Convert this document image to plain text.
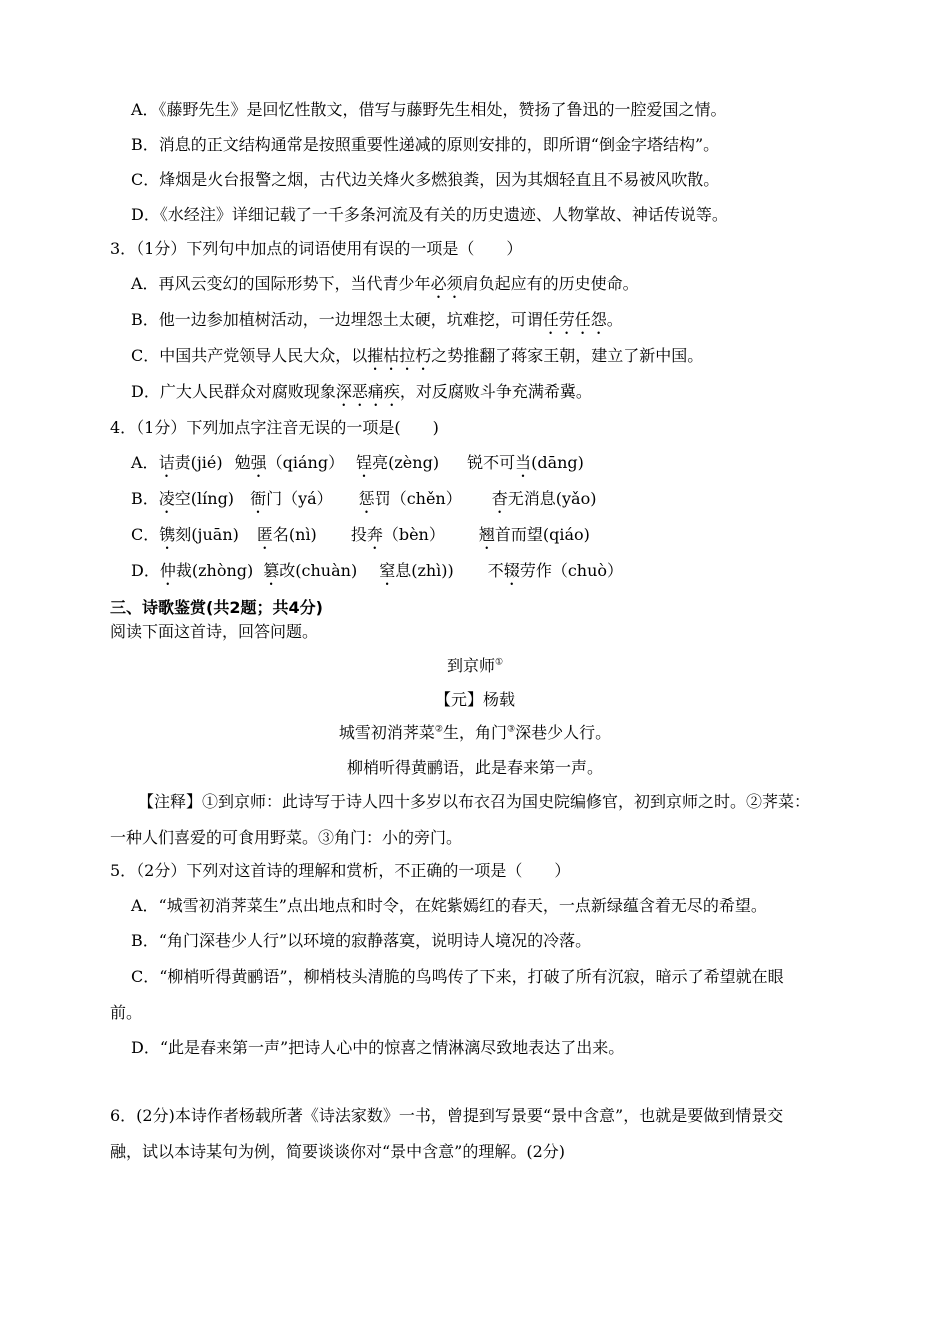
A．《藤野先生》是回忆性散文，借写与藤野先生相处，赞扬了鲁迅的一腔爱国之情。
B．消息的正文结构通常是按照重要性递减的原则安排的，即所谓“倒金字塔结构”。
C．烽烟是火台报警之烟，古代边关烽火多燃狼粪，因为其烟轻直且不易被风吹散。
D．《水经注》详细记载了一千多条河流及有关的历史遗迹、人物掌故、神话传说等。
3．（1分）下列句中加点的词语使用有误的一项是（　　）
A．再风云变幻的国际形势下，当代青少年必须肩负起应有的历史使命。
B．他一边参加植树活动，一边埋怨土太硬，坑难挖，可谓任劳任怨。
C．中国共产党领导人民大众，以摧枯拉朽之势推翻了蒋家王朝，建立了新中国。
D．广大人民群众对腐败现象深恶痛疾，对反腐败斗争充满希冀。
4．（1分）下列加点字注音无误的一项是(　　)
A．诘责(jié) 勉强（qiáng） 锃亮(zèng) 锐不可当(dāng)
B．凌空(líng) 衙门（yá） 惩罚（chěn） 杳无消息(yǎo)
C．镌刻(juān) 匿名(nì) 投奔（bèn） 翘首而望(qiáo)
D．仲裁(zhòng) 篡改(chuàn) 窒息(zhì)) 不辍劳作（chuò）
三、诗歌鉴赏(共2题；共4分)
阅读下面这首诗，回答问题。
到京师①
【元】杨载
城雪初消荠菜②生，角门③深巷少人行。
柳梢听得黄鹂语，此是春来第一声。
【注释】①到京师：此诗写于诗人四十多岁以布衣召为国史院编修官，初到京师之时。②荠菜：
一种人们喜爱的可食用野菜。③角门：小的旁门。
5．（2分）下列对这首诗的理解和赏析，不正确的一项是（　　）
A．“城雪初消荠菜生”点出地点和时令，在姹紫嫣红的春天，一点新绿蕴含着无尽的希望。
B．“角门深巷少人行”以环境的寂静落寞，说明诗人境况的冷落。
C．“柳梢听得黄鹂语”，柳梢枝头清脆的鸟鸣传了下来，打破了所有沉寂，暗示了希望就在眼
前。
D．“此是春来第一声”把诗人心中的惊喜之情淋漓尽致地表达了出来。
6．(2分)本诗作者杨载所著《诗法家数》一书，曾提到写景要“景中含意”，也就是要做到情景交
融，试以本诗某句为例，简要谈谈你对“景中含意”的理解。(2分)
